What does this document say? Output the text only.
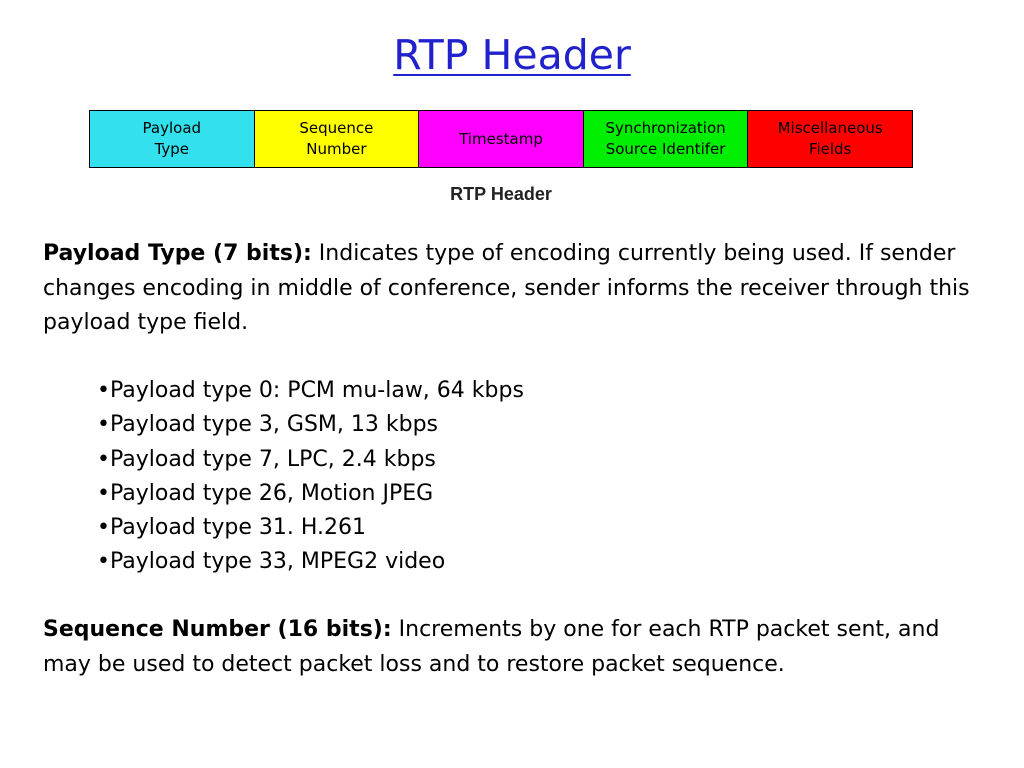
RTP Header
Payload
Type
Sequence
Number
Timestamp
Synchronization
Source Identifer
Miscellaneous
Fields
RTP Header

Payload Type (7 bits): Indicates type of encoding currently being used. If sender changes encoding in middle of conference, sender informs the receiver through this payload type field.

•Payload type 0: PCM mu-law, 64 kbps
•Payload type 3, GSM, 13 kbps
•Payload type 7, LPC, 2.4 kbps
•Payload type 26, Motion JPEG
•Payload type 31. H.261
•Payload type 33, MPEG2 video

Sequence Number (16 bits): Increments by one for each RTP packet sent, and may be used to detect packet loss and to restore packet sequence.
